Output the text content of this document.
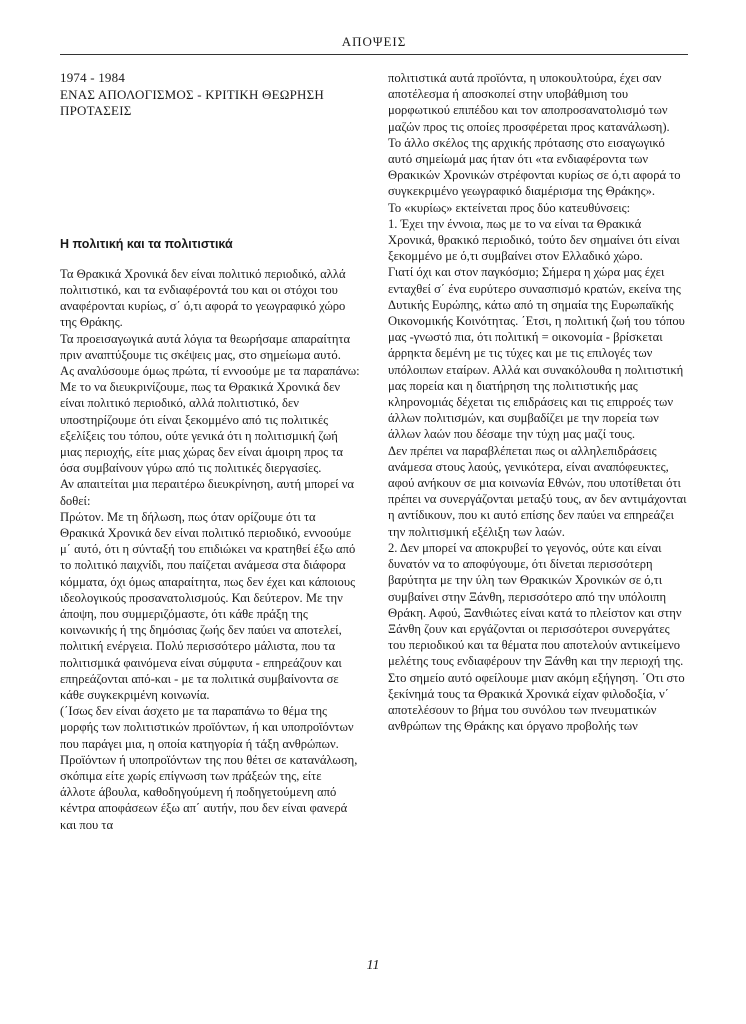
ΑΠΟΨΕΙΣ
1974 - 1984
ΕΝΑΣ ΑΠΟΛΟΓΙΣΜΟΣ - ΚΡΙΤΙΚΗ ΘΕΩΡΗΣΗ
ΠΡΟΤΑΣΕΙΣ
Η πολιτική και τα πολιτιστικά

Τα Θρακικά Χρονικά δεν είναι πολιτικό περιοδικό, αλλά πολιτιστικό, και τα ενδιαφέροντά του και οι στόχοι του αναφέρονται κυρίως, σ΄ ό,τι αφορά το γεωγραφικό χώρο της Θράκης.

Τα προεισαγωγικά αυτά λόγια τα θεωρήσαμε απαραίτητα πριν αναπτύξουμε τις σκέψεις μας, στο σημείωμα αυτό.

Ας αναλύσουμε όμως πρώτα, τί εννοούμε με τα παραπάνω:

Με το να διευκρινίζουμε, πως τα Θρακικά Χρονικά δεν είναι πολιτικό περιοδικό, αλλά πολιτιστικό, δεν υποστηρίζουμε ότι είναι ξεκομμένο από τις πολιτικές εξελίξεις του τόπου, ούτε γενικά ότι η πολιτισμική ζωή μιας περιοχής, είτε μιας χώρας δεν είναι άμοιρη προς τα όσα συμβαίνουν γύρω από τις πολιτικές διεργασίες.

Αν απαιτείται μια περαιτέρω διευκρίνηση, αυτή μπορεί να δοθεί:

Πρώτον. Με τη δήλωση, πως όταν ορίζουμε ότι τα Θρακικά Χρονικά δεν είναι πολιτικό περιοδικό, εννοούμε μ΄ αυτό, ότι η σύνταξή του επιδιώκει να κρατηθεί έξω από το πολιτικό παιχνίδι, που παίζεται ανάμεσα στα διάφορα κόμματα, όχι όμως απαραίτητα, πως δεν έχει και κάποιους ιδεολογικούς προσανατολισμούς. Και δεύτερον. Με την άποψη, που συμμεριζόμαστε, ότι κάθε πράξη της κοινωνικής ή της δημόσιας ζωής δεν παύει να αποτελεί, πολιτική ενέργεια. Πολύ περισσότερο μάλιστα, που τα πολιτισμικά φαινόμενα είναι σύμφυτα - επηρεάζουν και επηρεάζονται από-και - με τα πολιτικά συμβαίνοντα σε κάθε συγκεκριμένη κοινωνία.

(΄Ισως δεν είναι άσχετο με τα παραπάνω το θέμα της μορφής των πολιτιστικών προϊόντων, ή και υποπροϊόντων που παράγει μια, η οποία κατηγορία ή τάξη ανθρώπων. Προϊόντων ή υποπροϊόντων της που θέτει σε κατανάλωση, σκόπιμα είτε χωρίς επίγνωση των πράξεών της, είτε άλλοτε άβουλα, καθοδηγούμενη ή ποδηγετούμενη από κέντρα αποφάσεων έξω απ΄ αυτήν, που δεν είναι φανερά και που τα

πολιτιστικά αυτά προϊόντα, η υποκουλτούρα, έχει σαν αποτέλεσμα ή αποσκοπεί στην υποβάθμιση του μορφωτικού επιπέδου και τον αποπροσανατολισμό των μαζών προς τις οποίες προσφέρεται προς κατανάλωση).

Το άλλο σκέλος της αρχικής πρότασης στο εισαγωγικό αυτό σημείωμά μας ήταν ότι «τα ενδιαφέροντα των Θρακικών Χρονικών στρέφονται κυρίως σε ό,τι αφορά το συγκεκριμένο γεωγραφικό διαμέρισμα της Θράκης».

Το «κυρίως» εκτείνεται προς δύο κατευθύνσεις:

1. Έχει την έννοια, πως με το να είναι τα Θρακικά Χρονικά, θρακικό περιοδικό, τούτο δεν σημαίνει ότι είναι ξεκομμένο με ό,τι συμβαίνει στον Ελλαδικό χώρο.

Γιατί όχι και στον παγκόσμιο; Σήμερα η χώρα μας έχει ενταχθεί σ΄ ένα ευρύτερο συνασπισμό κρατών, εκείνα της Δυτικής Ευρώπης, κάτω από τη σημαία της Ευρωπαϊκής Οικονομικής Κοινότητας. ΄Ετσι, η πολιτική ζωή του τόπου μας -γνωστό πια, ότι πολιτική = οικονομία - βρίσκεται άρρηκτα δεμένη με τις τύχες και με τις επιλογές των υπόλοιπων εταίρων. Αλλά και συνακόλουθα η πολιτιστική μας πορεία και η διατήρηση της πολιτιστικής μας κληρονομιάς δέχεται τις επιδράσεις και τις επιρροές των άλλων πολιτισμών, και συμβαδίζει με την πορεία των άλλων λαών που δέσαμε την τύχη μας μαζί τους.

Δεν πρέπει να παραβλέπεται πως οι αλληλεπιδράσεις ανάμεσα στους λαούς, γενικότερα, είναι αναπόφευκτες, αφού ανήκουν σε μια κοινωνία Εθνών, που υποτίθεται ότι πρέπει να συνεργάζονται μεταξύ τους, αν δεν αντιμάχονται η αντίδικουν, που κι αυτό επίσης δεν παύει να επηρεάζει την πολιτισμική εξέλιξη των λαών.

2. Δεν μπορεί να αποκρυβεί το γεγονός, ούτε και είναι δυνατόν να το αποφύγουμε, ότι δίνεται περισσότερη βαρύτητα με την ύλη των Θρακικών Χρονικών σε ό,τι συμβαίνει στην Ξάνθη, περισσότερο από την υπόλοιπη Θράκη. Αφού, Ξανθιώτες είναι κατά το πλείστον και στην Ξάνθη ζουν και εργάζονται οι περισσότεροι συνεργάτες του περιοδικού και τα θέματα που αποτελούν αντικείμενο μελέτης τους ενδιαφέρουν την Ξάνθη και την περιοχή της.

Στο σημείο αυτό οφείλουμε μιαν ακόμη εξήγηση. ΄Οτι στο ξεκίνημά τους τα Θρακικά Χρονικά είχαν φιλοδοξία, ν΄ αποτελέσουν το βήμα του συνόλου των πνευματικών ανθρώπων της Θράκης και όργανο προβολής των

11
